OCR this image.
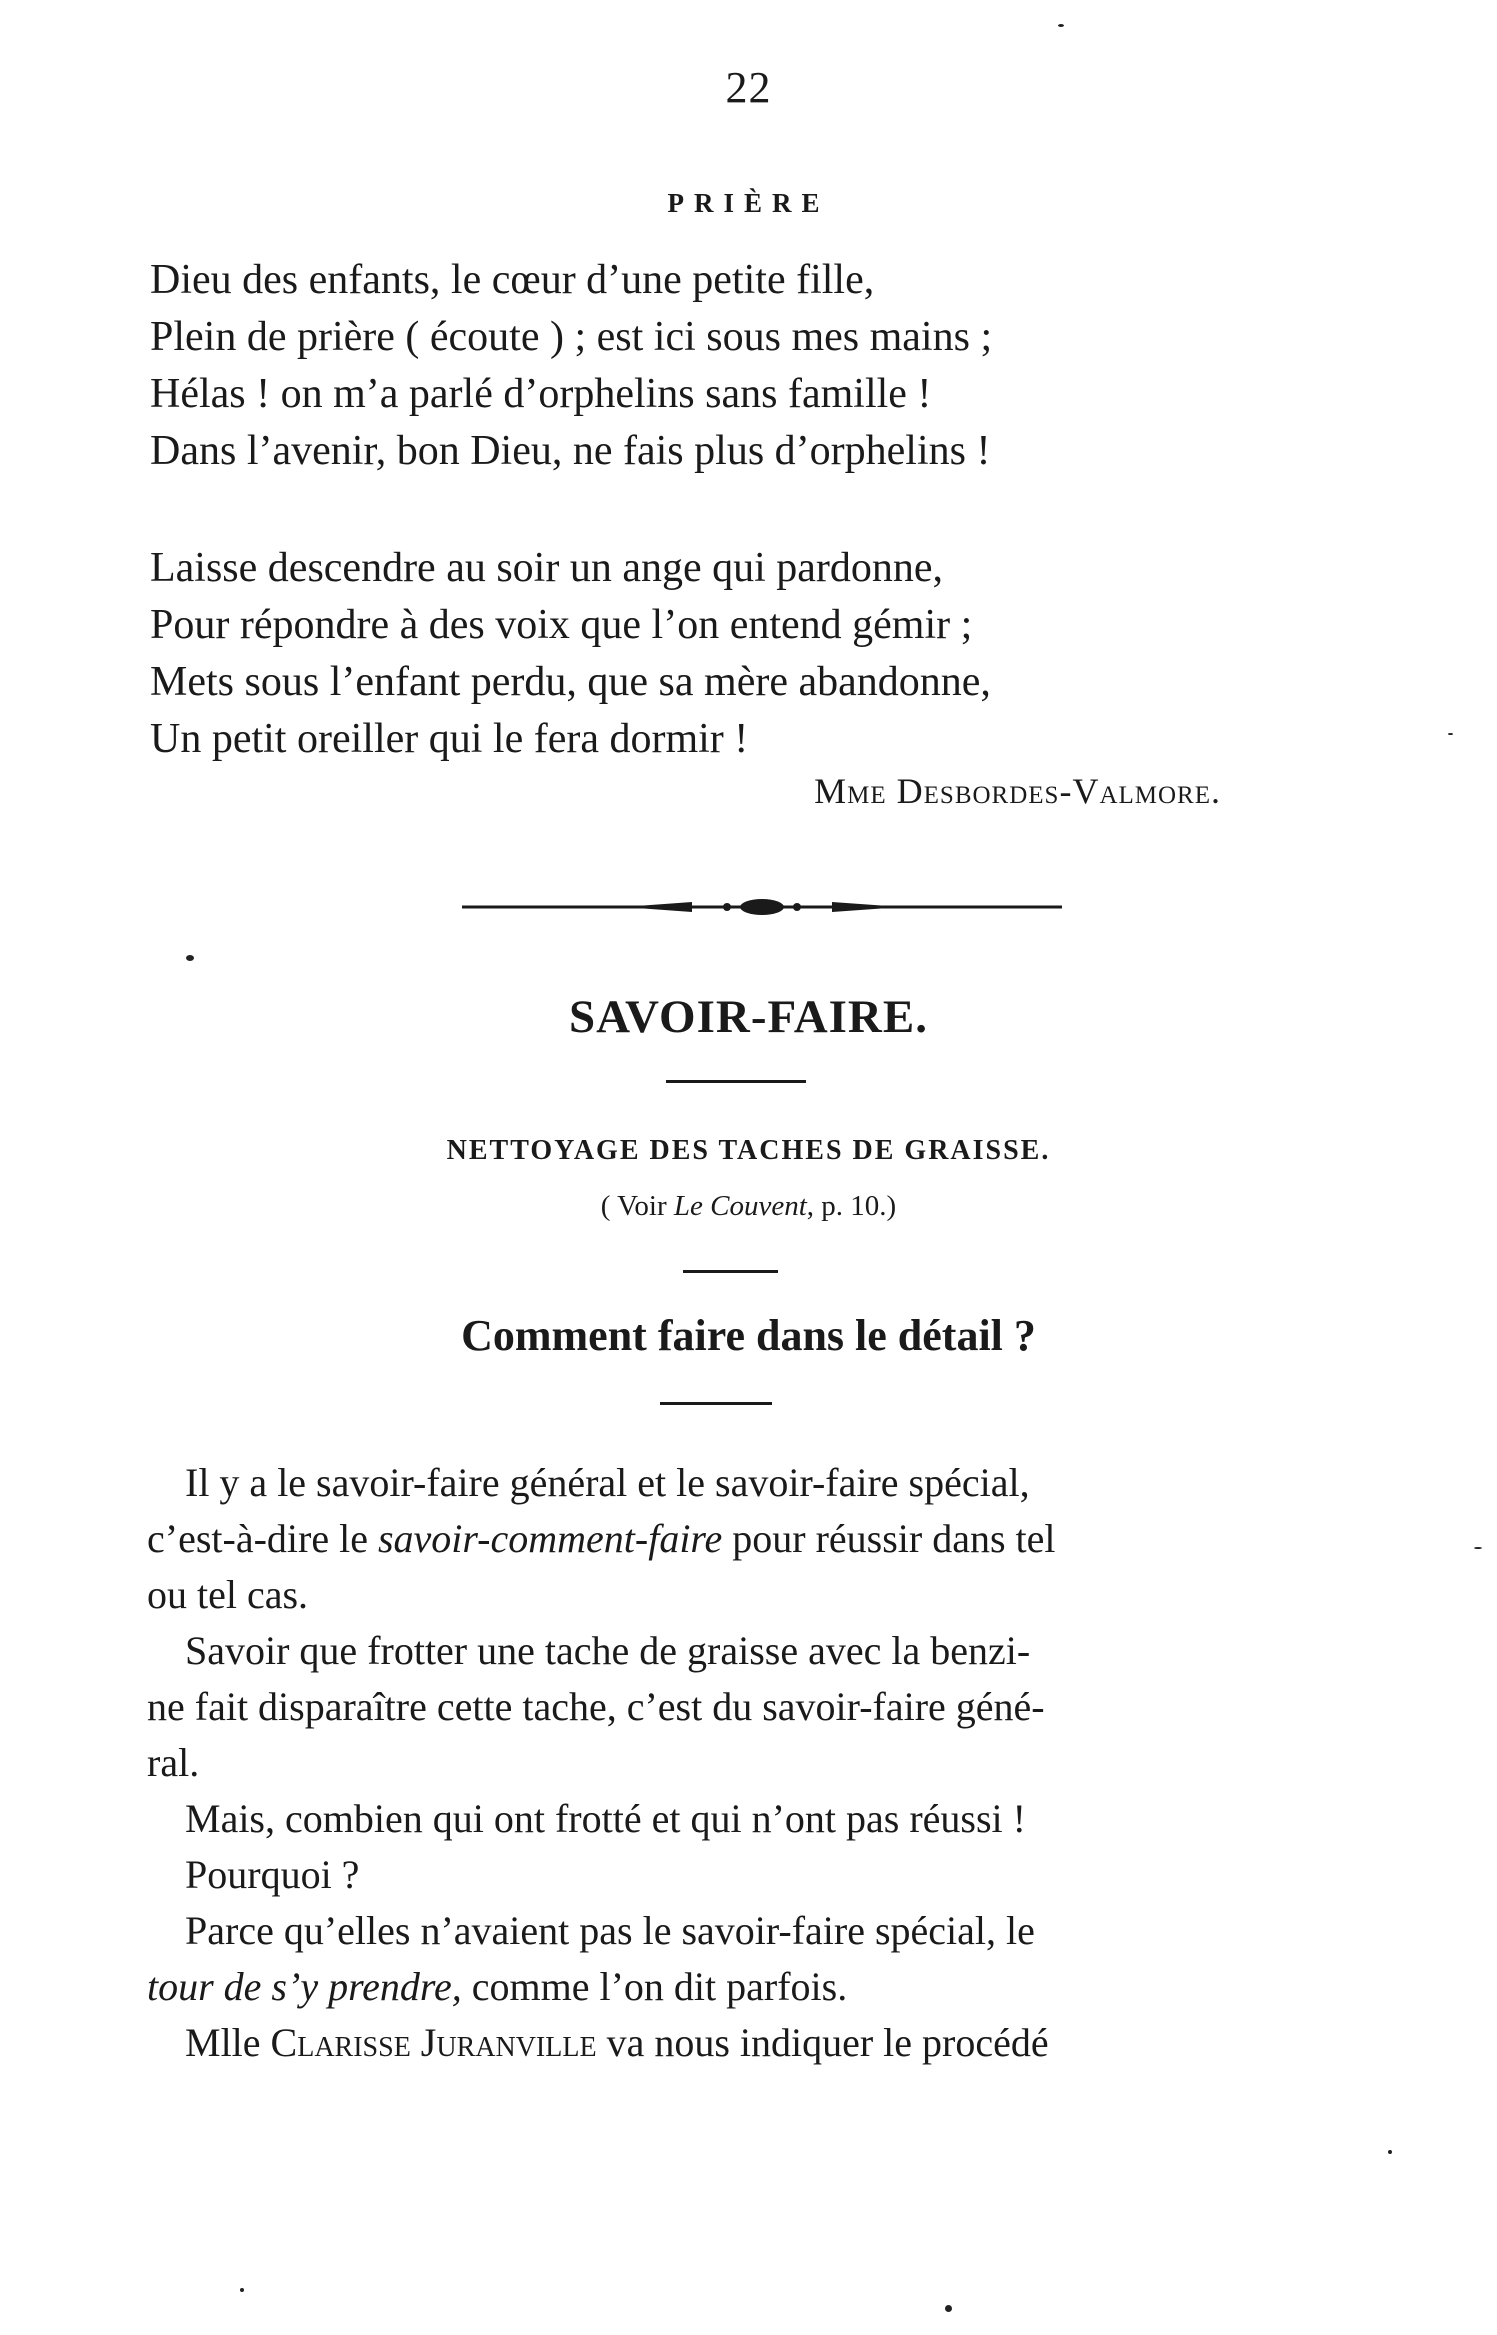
22
PRIÈRE
Dieu des enfants, le cœur d’une petite fille,
Plein de prière ( écoute ) ; est ici sous mes mains ;
Hélas ! on m’a parlé d’orphelins sans famille !
Dans l’avenir, bon Dieu, ne fais plus d’orphelins !
Laisse descendre au soir un ange qui pardonne,
Pour répondre à des voix que l’on entend gémir ;
Mets sous l’enfant perdu, que sa mère abandonne,
Un petit oreiller qui le fera dormir !
Mme Desbordes-Valmore.
SAVOIR-FAIRE.
NETTOYAGE DES TACHES DE GRAISSE.
( Voir Le Couvent, p. 10.)
Comment faire dans le détail ?
Il y a le savoir-faire général et le savoir-faire spécial,
c’est-à-dire le savoir-comment-faire pour réussir dans tel
ou tel cas.
Savoir que frotter une tache de graisse avec la benzi-
ne fait disparaître cette tache, c’est du savoir-faire géné-
ral.
Mais, combien qui ont frotté et qui n’ont pas réussi !
Pourquoi ?
Parce qu’elles n’avaient pas le savoir-faire spécial, le
tour de s’y prendre, comme l’on dit parfois.
Mlle Clarisse Juranville va nous indiquer le procédé
